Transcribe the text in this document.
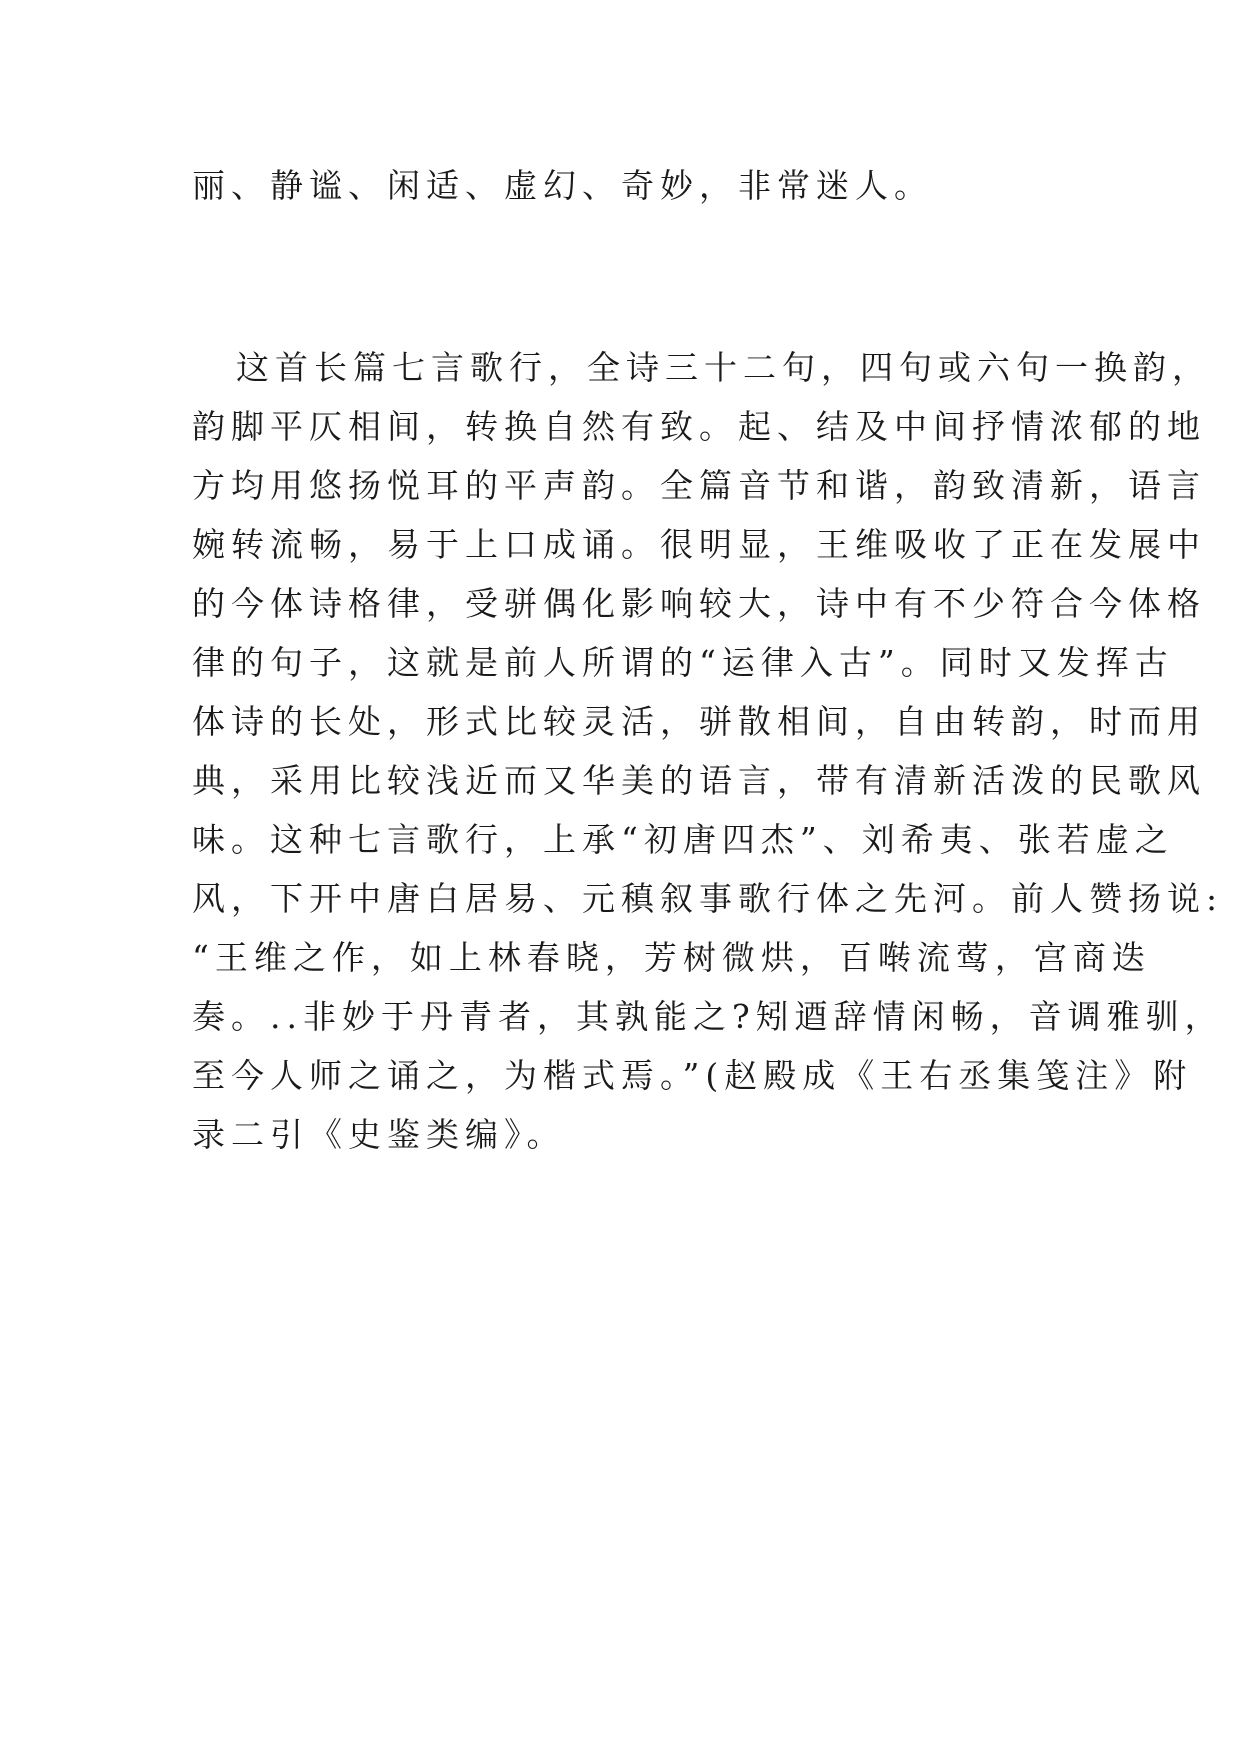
丽、静谧、闲适、虚幻、奇妙，非常迷人。
这首长篇七言歌行，全诗三十二句，四句或六句一换韵，
韵脚平仄相间，转换自然有致。起、结及中间抒情浓郁的地
方均用悠扬悦耳的平声韵。全篇音节和谐，韵致清新，语言
婉转流畅，易于上口成诵。很明显，王维吸收了正在发展中
的今体诗格律，受骈偶化影响较大，诗中有不少符合今体格
律的句子，这就是前人所谓的“运律入古”。同时又发挥古
体诗的长处，形式比较灵活，骈散相间，自由转韵，时而用
典，采用比较浅近而又华美的语言，带有清新活泼的民歌风
味。这种七言歌行，上承“初唐四杰”、刘希夷、张若虚之
风，下开中唐白居易、元稹叙事歌行体之先河。前人赞扬说:
“王维之作，如上林春晓，芳树微烘，百啭流莺，宫商迭
奏。..非妙于丹青者，其孰能之?矧逎辞情闲畅，音调雅驯，
至今人师之诵之，为楷式焉。”(赵殿成《王右丞集笺注》附
录二引《史鉴类编》。
